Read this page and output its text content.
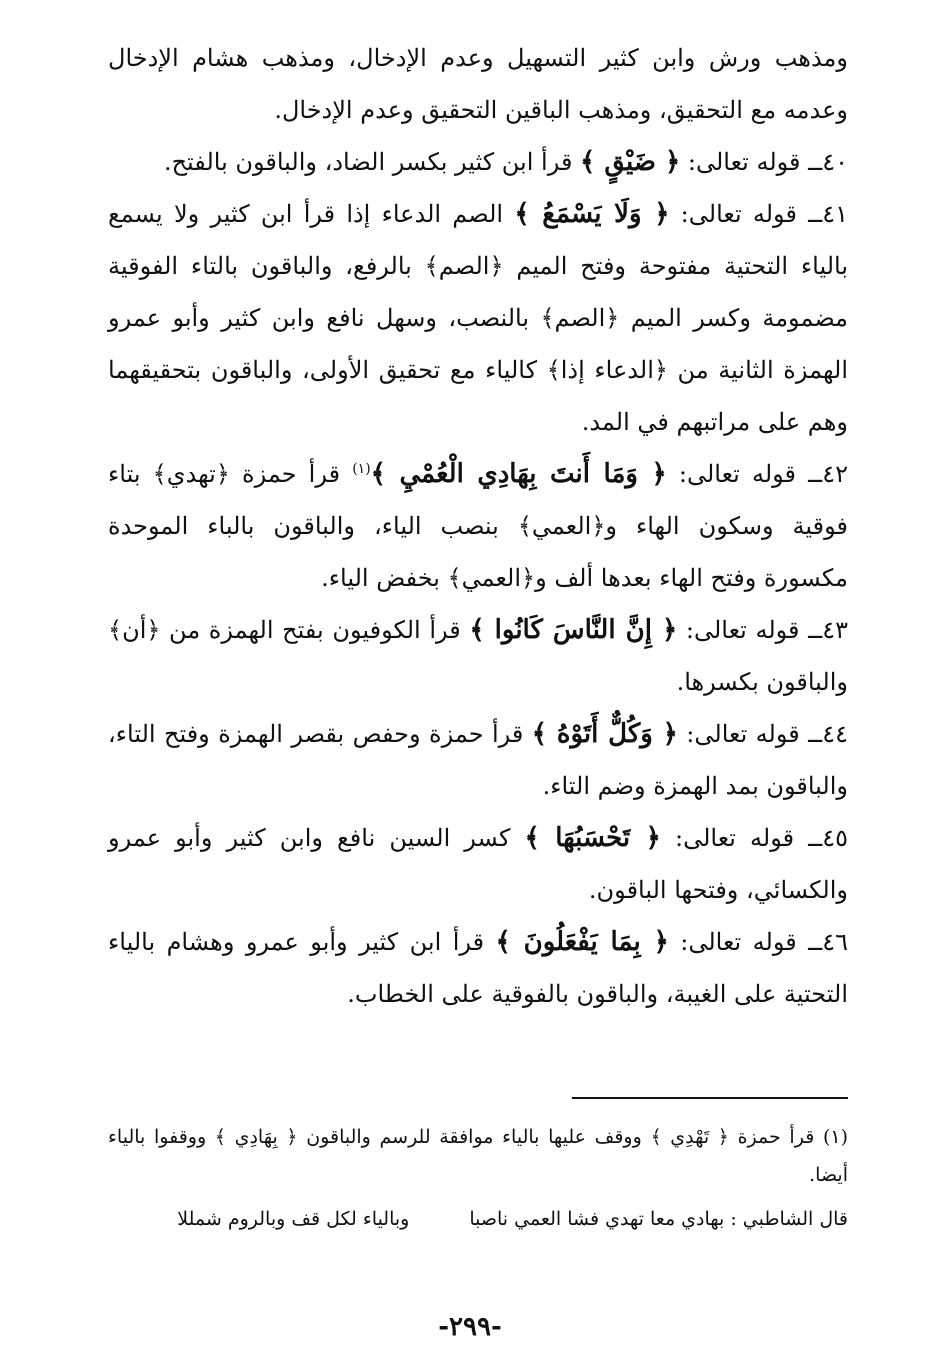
ومذهب ورش وابن كثير التسهيل وعدم الإدخال، ومذهب هشام الإدخال وعدمه مع التحقيق، ومذهب الباقين التحقيق وعدم الإدخال.

٤٠ــ قوله تعالى: ﴿ ضَيْقٍ ﴾ قرأ ابن كثير بكسر الضاد، والباقون بالفتح.

٤١ــ قوله تعالى: ﴿ وَلَا يَسْمَعُ ﴾ الصم الدعاء إذا قرأ ابن كثير ولا يسمع بالياء التحتية مفتوحة وفتح الميم ﴿الصم﴾ بالرفع، والباقون بالتاء الفوقية مضمومة وكسر الميم ﴿الصم﴾ بالنصب، وسهل نافع وابن كثير وأبو عمرو الهمزة الثانية من ﴿الدعاء إذا﴾ كالياء مع تحقيق الأولى، والباقون بتحقيقهما وهم على مراتبهم في المد.

٤٢ــ قوله تعالى: ﴿ وَمَا أَنتَ بِهَادِي الْعُمْيِ ﴾$^{(١)}$ قرأ حمزة ﴿تهدي﴾ بتاء فوقية وسكون الهاء و﴿العمي﴾ بنصب الياء، والباقون بالباء الموحدة مكسورة وفتح الهاء بعدها ألف و﴿العمي﴾ بخفض الياء.

٤٣ــ قوله تعالى: ﴿ إِنَّ النَّاسَ كَانُوا ﴾ قرأ الكوفيون بفتح الهمزة من ﴿أن﴾ والباقون بكسرها.

٤٤ــ قوله تعالى: ﴿ وَكُلٌّ أَتَوْهُ ﴾ قرأ حمزة وحفص بقصر الهمزة وفتح التاء، والباقون بمد الهمزة وضم التاء.

٤٥ــ قوله تعالى: ﴿ تَحْسَبُهَا ﴾ كسر السين نافع وابن كثير وأبو عمرو والكسائي، وفتحها الباقون.

٤٦ــ قوله تعالى: ﴿ بِمَا يَفْعَلُونَ ﴾ قرأ ابن كثير وأبو عمرو وهشام بالياء التحتية على الغيبة، والباقون بالفوقية على الخطاب.

(١) قرأ حمزة ﴿ تَهْدِي ﴾ ووقف عليها بالياء موافقة للرسم والباقون ﴿ بِهَادِي ﴾ ووقفوا بالياء أيضا.

قال الشاطبي :
بهادي معا تهدي فشا العمي ناصبا
وبالياء لكل قف وبالروم شمللا
-٢٩٩-
